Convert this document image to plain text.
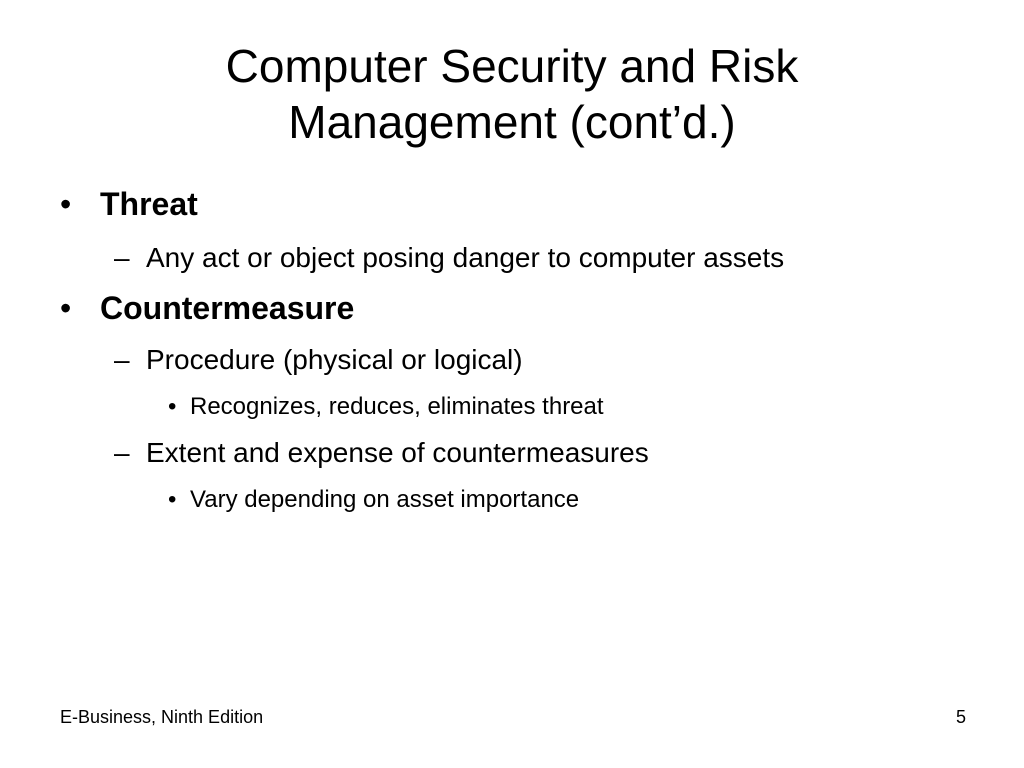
Computer Security and Risk
Management (cont’d.)
• Threat
– Any act or object posing danger to computer assets
• Countermeasure
– Procedure (physical or logical)
• Recognizes, reduces, eliminates threat
– Extent and expense of countermeasures
• Vary depending on asset importance
E-Business, Ninth Edition	5
